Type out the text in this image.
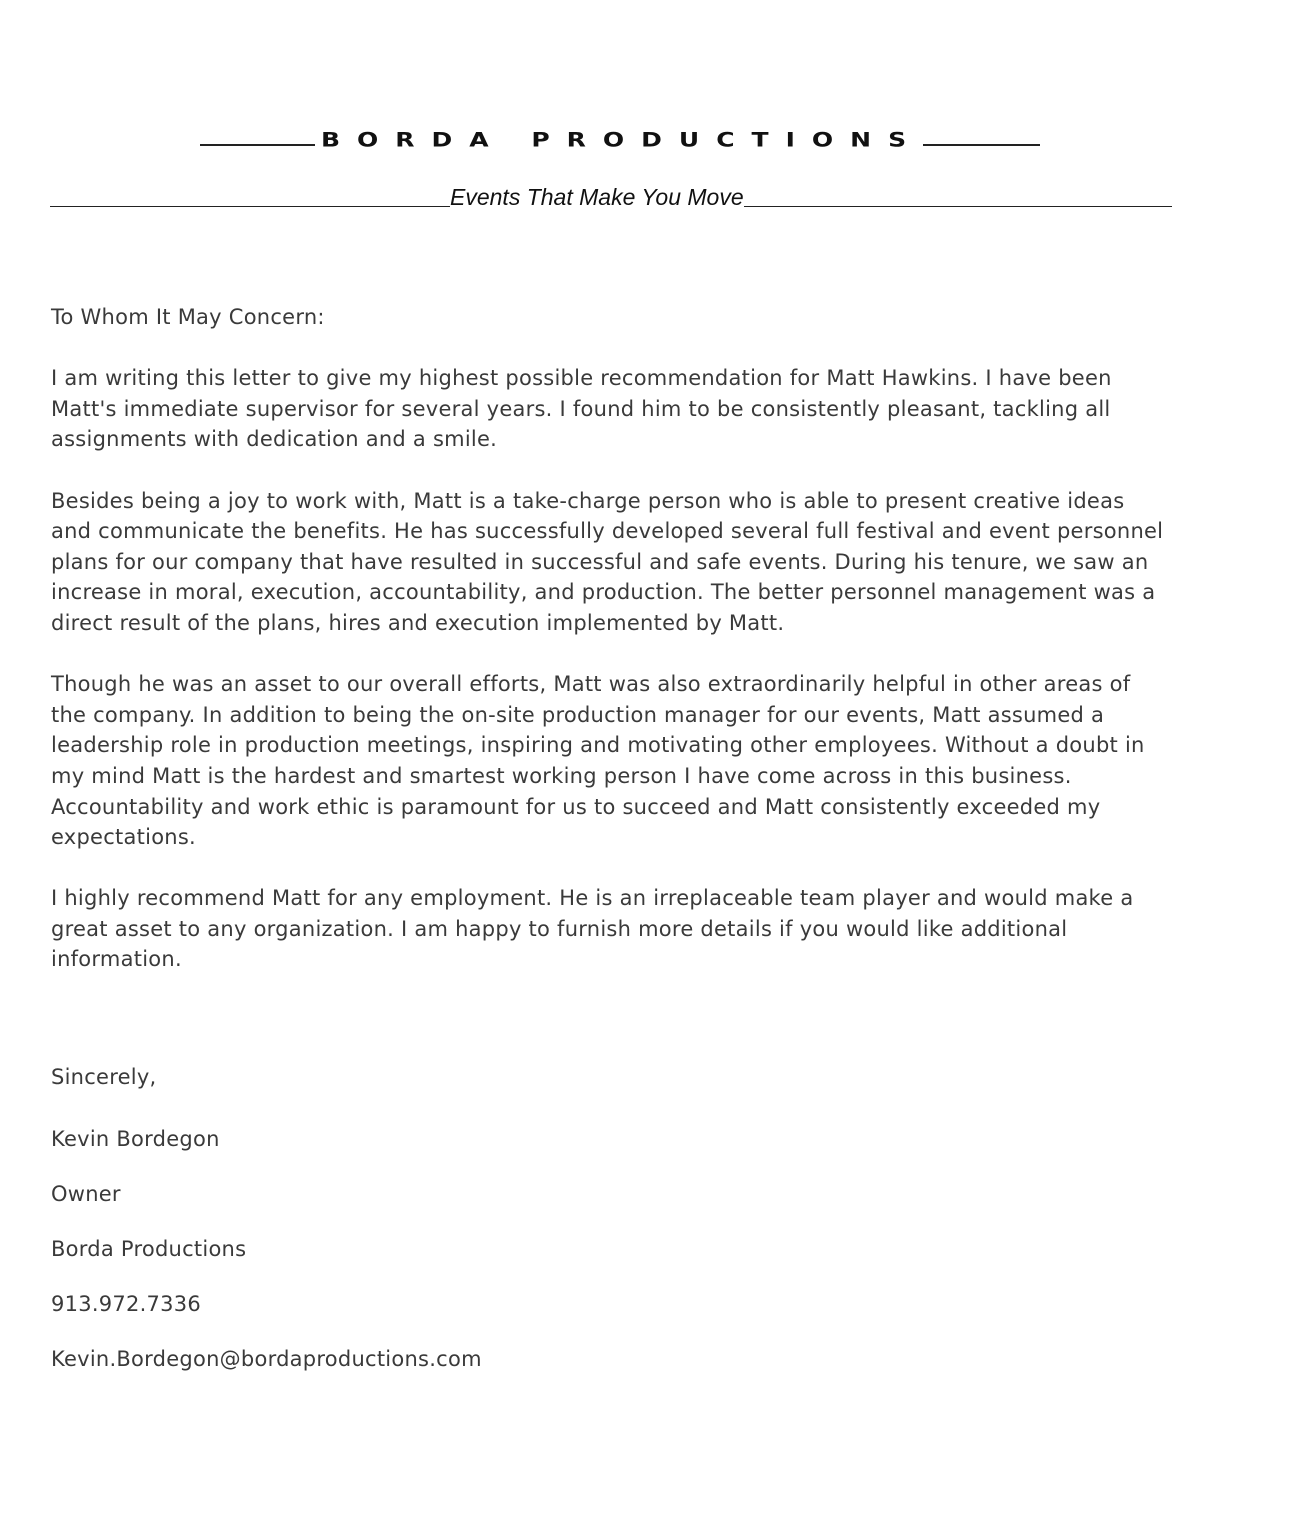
BORDA PRODUCTIONS
Events That Make You Move

To Whom It May Concern:

I am writing this letter to give my highest possible recommendation for Matt Hawkins. I have been
Matt's immediate supervisor for several years. I found him to be consistently pleasant, tackling all
assignments with dedication and a smile.

Besides being a joy to work with, Matt is a take-charge person who is able to present creative ideas
and communicate the benefits. He has successfully developed several full festival and event personnel
plans for our company that have resulted in successful and safe events. During his tenure, we saw an
increase in moral, execution, accountability, and production. The better personnel management was a
direct result of the plans, hires and execution implemented by Matt.

Though he was an asset to our overall efforts, Matt was also extraordinarily helpful in other areas of
the company. In addition to being the on-site production manager for our events, Matt assumed a
leadership role in production meetings, inspiring and motivating other employees. Without a doubt in
my mind Matt is the hardest and smartest working person I have come across in this business.
Accountability and work ethic is paramount for us to succeed and Matt consistently exceeded my
expectations.

I highly recommend Matt for any employment. He is an irreplaceable team player and would make a
great asset to any organization. I am happy to furnish more details if you would like additional
information.

Sincerely,
Kevin Bordegon
Owner
Borda Productions
913.972.7336
Kevin.Bordegon@bordaproductions.com
